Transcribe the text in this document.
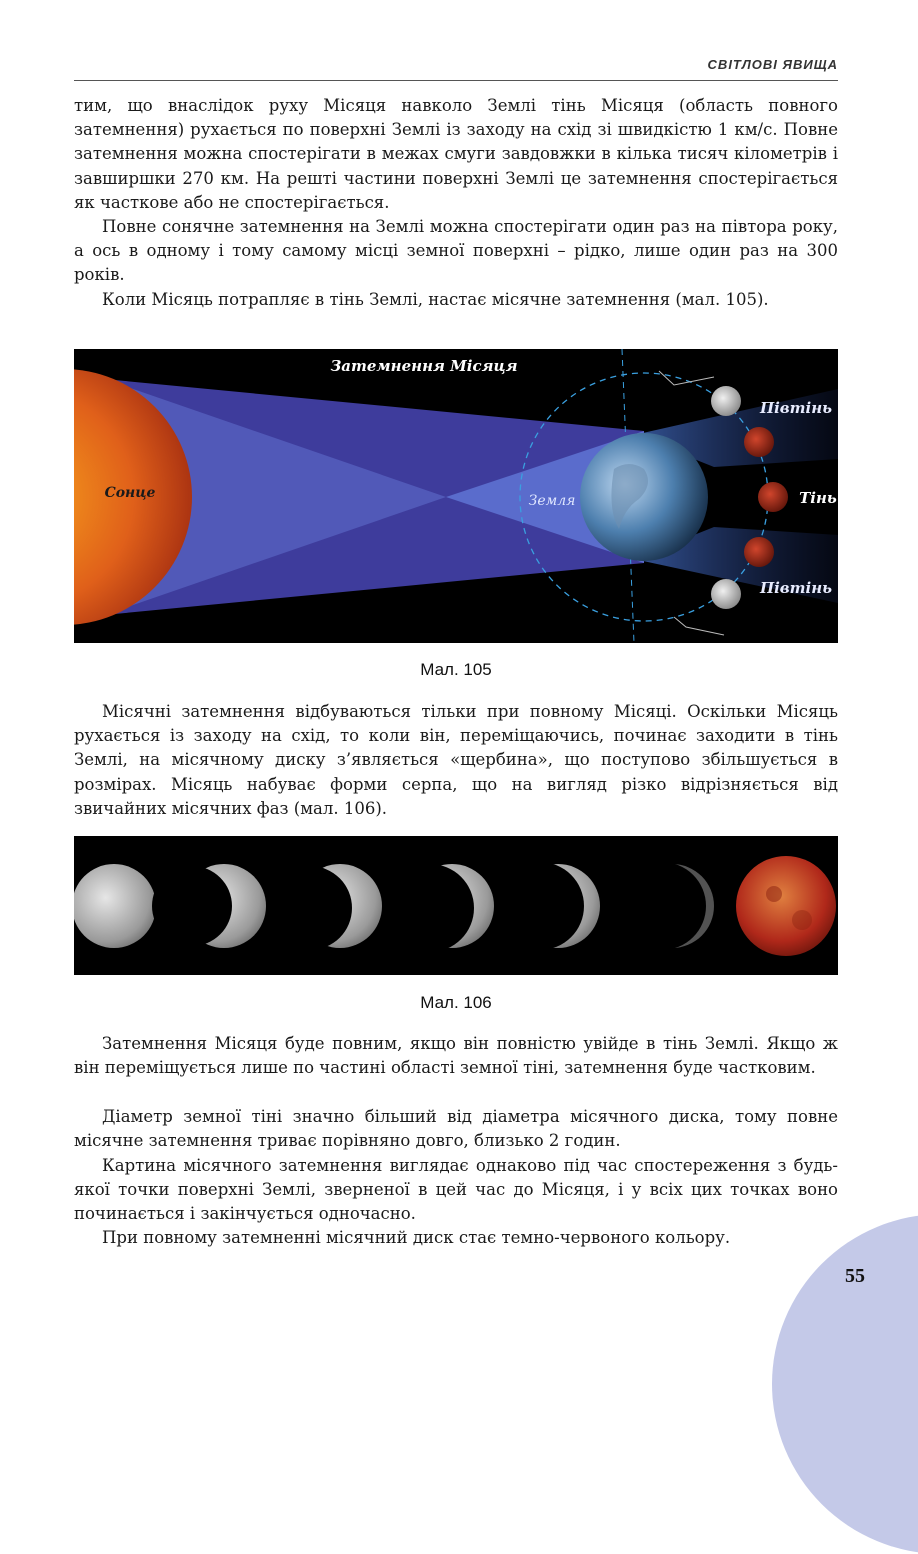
СВІТЛОВІ ЯВИЩА

тим, що внаслідок руху Місяця навколо Землі тінь Місяця (область повного затемнення) рухається по поверхні Землі із заходу на схід зі швидкістю 1 км/с. Повне затемнення можна спостерігати в межах смуги завдовжки в кілька тисяч кілометрів і завширшки 270 км. На решті частини поверхні Землі це затемнення спостерігається як часткове або не спостерігається.

Повне сонячне затемнення на Землі можна спостерігати один раз на півтора року, а ось в одному і тому самому місці земної поверхні – рідко, лише один раз на 300 років.

Коли Місяць потрапляє в тінь Землі, настає місячне затемнення (мал. 105).

Сонце	Земля
Затемнення Місяця
Півтінь
Тінь
Півтінь
Мал. 105

Місячні затемнення відбуваються тільки при повному Місяці. Оскільки Місяць рухається із заходу на схід, то коли він, переміщаючись, починає заходити в тінь Землі, на місячному диску з’являється «щербина», що поступово збільшується в розмірах. Місяць набуває форми серпа, що на вигляд різко відрізняється від звичайних місячних фаз (мал. 106).

Мал. 106

Затемнення Місяця буде повним, якщо він повністю увійде в тінь Землі. Якщо ж він переміщується лише по частині області земної тіні, затемнення буде частковим.

Діаметр земної тіні значно більший від діаметра місячного диска, тому повне місячне затемнення триває порівняно довго, близько 2 годин.

Картина місячного затемнення виглядає однаково під час спостереження з будь-якої точки поверхні Землі, зверненої в цей час до Місяця, і у всіх цих точках воно починається і закінчується одночасно.

При повному затемненні місячний диск стає темно-червоного кольору.

55
